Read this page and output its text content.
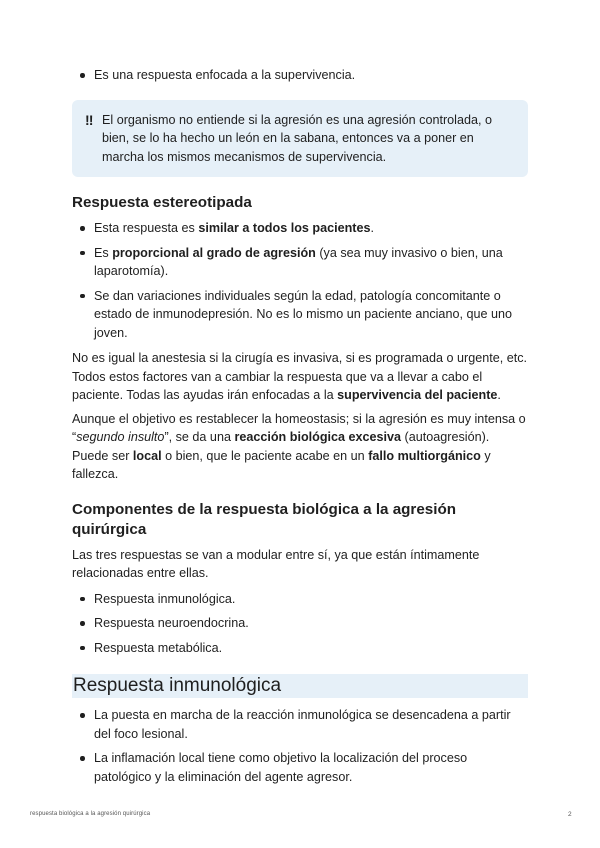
Es una respuesta enfocada a la supervivencia.
‼ El organismo no entiende si la agresión es una agresión controlada, o bien, se lo ha hecho un león en la sabana, entonces va a poner en marcha los mismos mecanismos de supervivencia.
Respuesta estereotipada
Esta respuesta es similar a todos los pacientes.
Es proporcional al grado de agresión (ya sea muy invasivo o bien, una laparotomía).
Se dan variaciones individuales según la edad, patología concomitante o estado de inmunodepresión. No es lo mismo un paciente anciano, que uno joven.

No es igual la anestesia si la cirugía es invasiva, si es programada o urgente, etc. Todos estos factores van a cambiar la respuesta que va a llevar a cabo el paciente. Todas las ayudas irán enfocadas a la supervivencia del paciente.

Aunque el objetivo es restablecer la homeostasis; si la agresión es muy intensa o “segundo insulto”, se da una reacción biológica excesiva (autoagresión). Puede ser local o bien, que le paciente acabe en un fallo multiorgánico y fallezca.

Componentes de la respuesta biológica a la agresión quirúrgica

Las tres respuestas se van a modular entre sí, ya que están íntimamente relacionadas entre ellas.

Respuesta inmunológica.
Respuesta neuroendocrina.
Respuesta metabólica.
Respuesta inmunológica
La puesta en marcha de la reacción inmunológica se desencadena a partir del foco lesional.
La inflamación local tiene como objetivo la localización del proceso patológico y la eliminación del agente agresor.
respuesta biológica a la agresión quirúrgica	2
